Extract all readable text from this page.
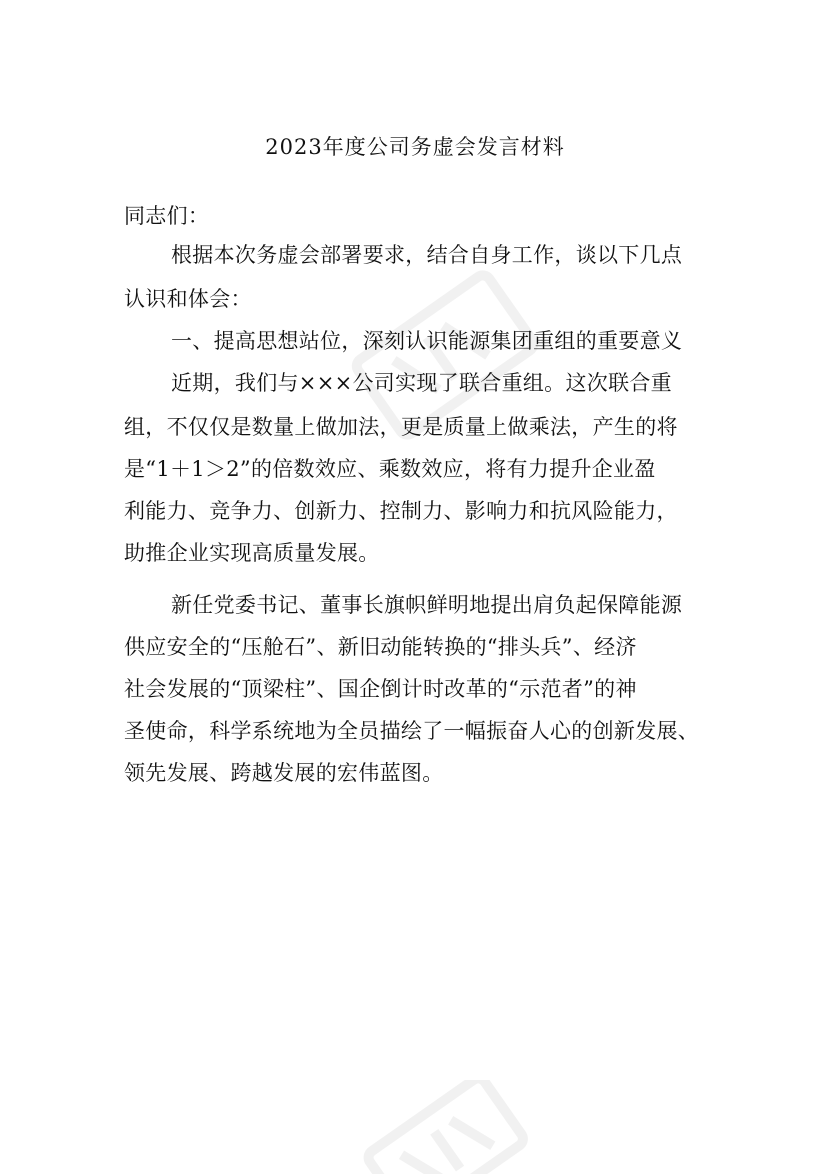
2023年度公司务虚会发言材料
同志们：
根据本次务虚会部署要求，结合自身工作，谈以下几点
认识和体会：
一、提高思想站位，深刻认识能源集团重组的重要意义
近期，我们与×××公司实现了联合重组。这次联合重
组，不仅仅是数量上做加法，更是质量上做乘法，产生的将
是“1＋1＞2”的倍数效应、乘数效应，将有力提升企业盈
利能力、竞争力、创新力、控制力、影响力和抗风险能力，
助推企业实现高质量发展。
新任党委书记、董事长旗帜鲜明地提出肩负起保障能源
供应安全的“压舱石”、新旧动能转换的“排头兵”、经济
社会发展的“顶梁柱”、国企倒计时改革的“示范者”的神
圣使命，科学系统地为全员描绘了一幅振奋人心的创新发展、
领先发展、跨越发展的宏伟蓝图。
